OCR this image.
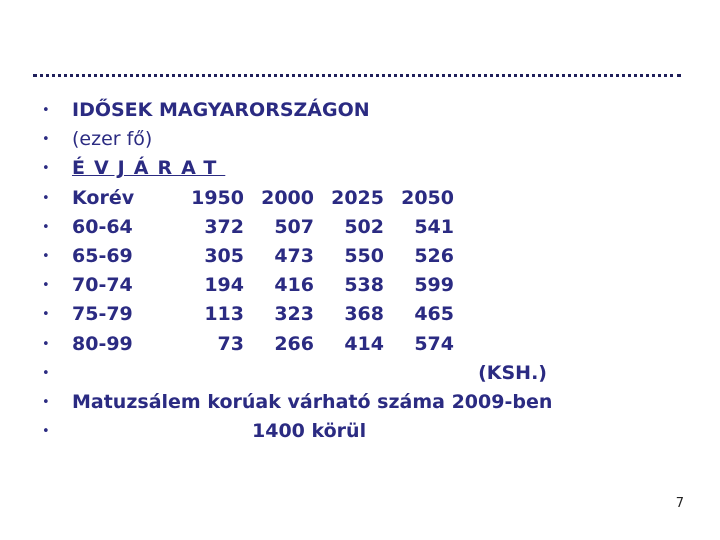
•	IDŐSEK MAGYARORSZÁGON
•	(ezer fő)
•	ÉVJÁRAT
•	Korév	1950 2000 2025 2050
•	60-64	372	507	502	541
•	65-69	305	473	550	526
•	70-74	194	416	538	599
•	75-79	113	323	368	465
•	80-99	73	266	414	574
•	(KSH.)
•	Matuzsálem korúak várható száma 2009-ben
•	1400 körül
7
